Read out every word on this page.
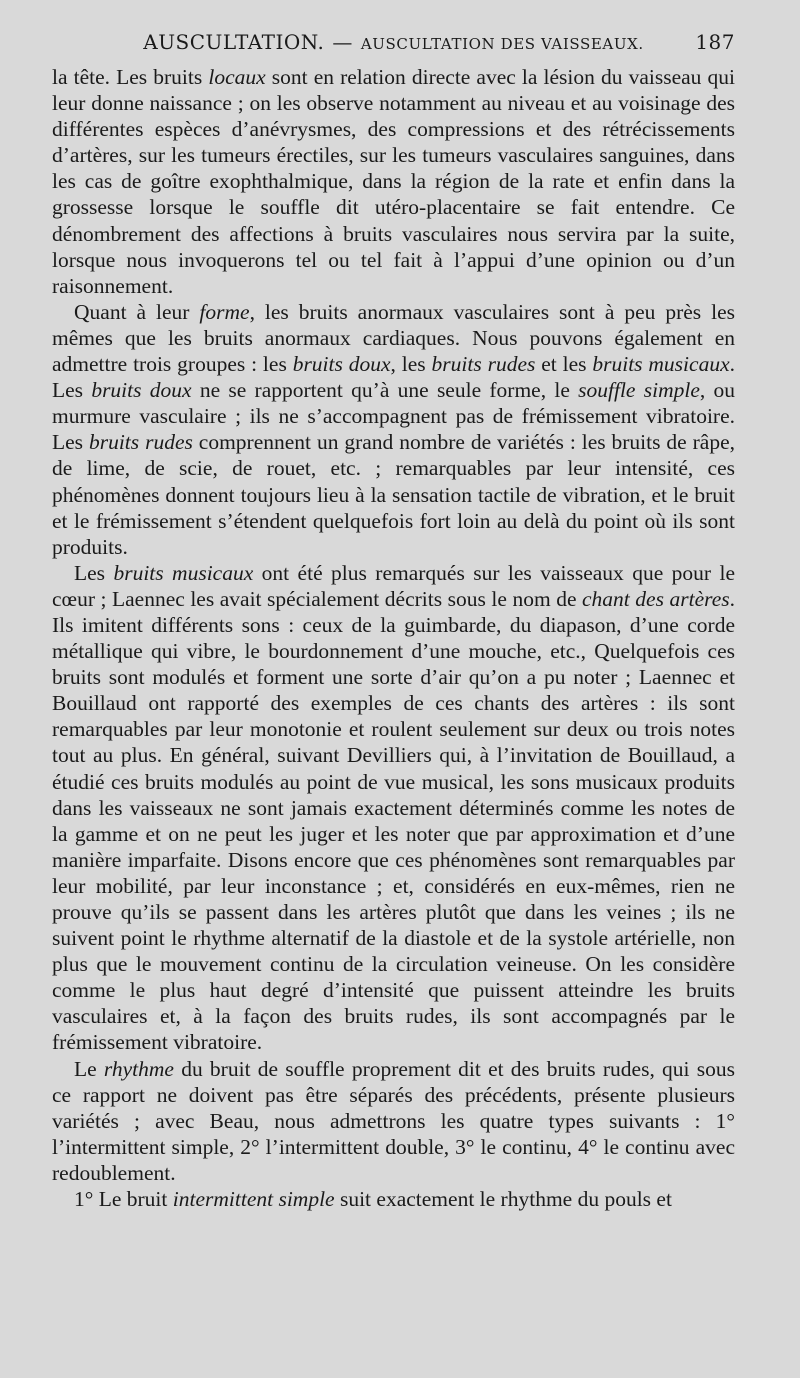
AUSCULTATION. — AUSCULTATION DES VAISSEAUX.	187

la tête. Les bruits locaux sont en relation directe avec la lésion du vaisseau qui leur donne naissance ; on les observe notamment au niveau et au voisinage des différentes espèces d’anévrysmes, des compressions et des rétrécissements d’artères, sur les tumeurs érectiles, sur les tumeurs vasculaires sanguines, dans les cas de goître exophthalmique, dans la région de la rate et enfin dans la grossesse lorsque le souffle dit utéro-placentaire se fait entendre. Ce dénombrement des affections à bruits vasculaires nous servira par la suite, lorsque nous invoquerons tel ou tel fait à l’appui d’une opinion ou d’un raisonnement.

Quant à leur forme, les bruits anormaux vasculaires sont à peu près les mêmes que les bruits anormaux cardiaques. Nous pouvons également en admettre trois groupes : les bruits doux, les bruits rudes et les bruits musicaux. Les bruits doux ne se rapportent qu’à une seule forme, le souffle simple, ou murmure vasculaire ; ils ne s’accompagnent pas de frémissement vibratoire. Les bruits rudes comprennent un grand nombre de variétés : les bruits de râpe, de lime, de scie, de rouet, etc. ; remarquables par leur intensité, ces phénomènes donnent toujours lieu à la sensation tactile de vibration, et le bruit et le frémissement s’étendent quelquefois fort loin au delà du point où ils sont produits.

Les bruits musicaux ont été plus remarqués sur les vaisseaux que pour le cœur ; Laennec les avait spécialement décrits sous le nom de chant des artères. Ils imitent différents sons : ceux de la guimbarde, du diapason, d’une corde métallique qui vibre, le bourdonnement d’une mouche, etc., Quelquefois ces bruits sont modulés et forment une sorte d’air qu’on a pu noter ; Laennec et Bouillaud ont rapporté des exemples de ces chants des artères : ils sont remarquables par leur monotonie et roulent seulement sur deux ou trois notes tout au plus. En général, suivant Devilliers qui, à l’invitation de Bouillaud, a étudié ces bruits modulés au point de vue musical, les sons musicaux produits dans les vaisseaux ne sont jamais exactement déterminés comme les notes de la gamme et on ne peut les juger et les noter que par approximation et d’une manière imparfaite. Disons encore que ces phénomènes sont remarquables par leur mobilité, par leur inconstance ; et, considérés en eux-mêmes, rien ne prouve qu’ils se passent dans les artères plutôt que dans les veines ; ils ne suivent point le rhythme alternatif de la diastole et de la systole artérielle, non plus que le mouvement continu de la circulation veineuse. On les considère comme le plus haut degré d’intensité que puissent atteindre les bruits vasculaires et, à la façon des bruits rudes, ils sont accompagnés par le frémissement vibratoire.

Le rhythme du bruit de souffle proprement dit et des bruits rudes, qui sous ce rapport ne doivent pas être séparés des précédents, présente plusieurs variétés ; avec Beau, nous admettrons les quatre types suivants : 1° l’intermittent simple, 2° l’intermittent double, 3° le continu, 4° le continu avec redoublement.

1° Le bruit intermittent simple suit exactement le rhythme du pouls et
